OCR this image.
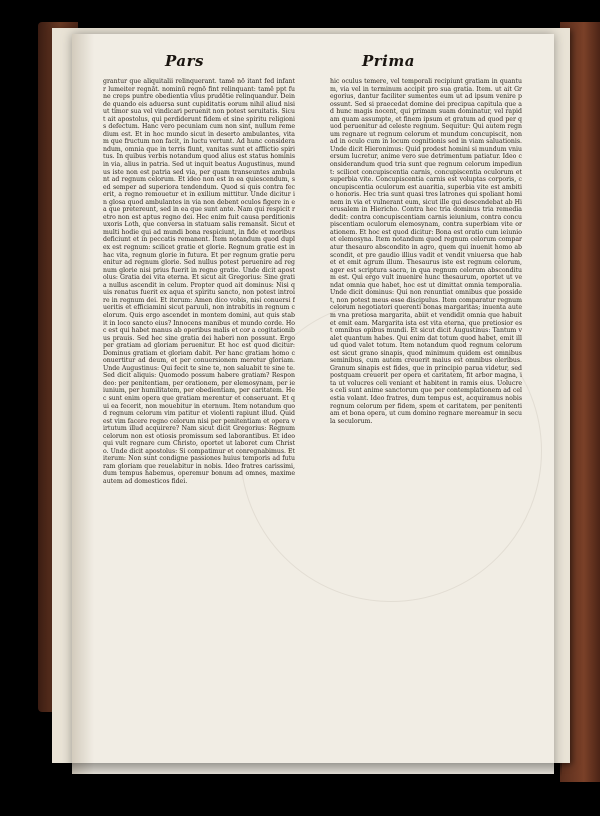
Pars	Prima

grantur que aliquitalii relinquerant. tamē nō itant fed infant r lumeiter regnāt. nominū regnō fint relinquant: tamē ppt fune creps puntre obedientia vlius prudētie relinquandur. Deinde quando eis aduersa sunt cupiditatis eorum nihil aliud nisi ut timor sua vel vindicari peruenit non potest seruitatis. Sicut ait apostolus, qui perdiderunt fidem et sine spiritu religionis defectum. Hanc vero pecuniam cum non sint, nullum remedium est. Et in hoc mundo sicut in deserto ambulantes, vitam que fructum non facit, in luctu vertunt. Ad hunc considerandum, omnia que in terris fiunt, vanitas sunt et afflictio spiritus. In quibus verbis notandum quod alius est status hominis in via, alius in patria. Sed ut inquit beatus Augustinus, mundus iste non est patria sed via, per quam transeuntes ambulant ad regnum celorum. Et ideo non est in ea quiescendum, sed semper ad superiora tendendum. Quod si quis contra fecerit, a regno remouetur et in exilium mittitur. Unde dicitur in glosa quod ambulantes in via non debent oculos figere in ea que pretereunt, sed in ea que sunt ante. Nam qui respicit retro non est aptus regno dei. Hec enim fuit causa perditionis uxoris Loth, que conversa in statuam salis remansit. Sicut et multi hodie qui ad mundi bona respiciunt, in fide et moribus deficiunt et in peccatis remanent. Item notandum quod duplex est regnum: scilicet gratie et glorie. Regnum gratie est in hac vita, regnum glorie in futura. Et per regnum gratie peruenitur ad regnum glorie. Sed nullus potest peruenire ad regnum glorie nisi prius fuerit in regno gratie. Unde dicit apostolus: Gratia dei vita eterna. Et sicut ait Gregorius: Sine gratia nullus ascendit in celum. Propter quod ait dominus: Nisi quis renatus fuerit ex aqua et spiritu sancto, non potest introire in regnum dei. Et iterum: Amen dico vobis, nisi conuersi fueritis et efficiamini sicut paruuli, non intrabitis in regnum celorum. Quis ergo ascendet in montem domini, aut quis stabit in loco sancto eius? Innocens manibus et mundo corde. Hoc est qui habet manus ab operibus malis et cor a cogitationibus prauis. Sed hec sine gratia dei haberi non possunt. Ergo per gratiam ad gloriam peruenitur. Et hoc est quod dicitur: Dominus gratiam et gloriam dabit. Per hanc gratiam homo conuertitur ad deum, et per conuersionem meretur gloriam. Unde Augustinus: Qui fecit te sine te, non saluabit te sine te. Sed dicit aliquis: Quomodo possum habere gratiam? Respondeo: per penitentiam, per orationem, per elemosynam, per ieiunium, per humilitatem, per obedientiam, per caritatem. Hec sunt enim opera que gratiam merentur et conseruant. Et qui ea fecerit, non mouebitur in eternum. Item notandum quod regnum celorum vim patitur et violenti rapiunt illud. Quid est vim facere regno celorum nisi per penitentiam et opera virtutum illud acquirere? Nam sicut dicit Gregorius: Regnum celorum non est otiosis promissum sed laborantibus. Et ideo qui vult regnare cum Christo, oportet ut laboret cum Christo. Unde dicit apostolus: Si compatimur et conregnabimus. Et iterum: Non sunt condigne passiones huius temporis ad futuram gloriam que reuelabitur in nobis. Ideo fratres carissimi, dum tempus habemus, operemur bonum ad omnes, maxime autem ad domesticos fidei.

hic oculus temere, vel temporali recipiunt gratiam in quantum, via vel in terminum accipit pro sua gratia. Item. ut ait Gregorius, dantur faciliter sumentes eum ut ad ipsum venire possunt. Sed si praecedat domine dei precipua capitula que ad hunc magis nocent, qui primam suam dominatur, vel rapidam quam assumpte, et finem ipsum et gratum ad quod per quod peruenitur ad celeste regnum. Sequitur: Qui autem regnum regnare ut regnum celorum et mundum concupiscit, non ad in oculo cum in locum cognitionis sed in viam saluationis. Unde dicit Hieronimus: Quid prodest homini si mundum vniuersum lucretur, anime vero sue detrimentum patiatur. Ideo considerandum quod tria sunt que regnum celorum impediunt: scilicet concupiscentia carnis, concupiscentia oculorum et superbia vite. Concupiscentia carnis est voluptas corporis, concupiscentia oculorum est auaritia, superbia vite est ambitio honoris. Hec tria sunt quasi tres latrones qui spoliant hominem in via et vulnerant eum, sicut ille qui descendebat ab Hierusalem in Hiericho. Contra hec tria dominus tria remedia dedit: contra concupiscentiam carnis ieiunium, contra concupiscentiam oculorum elemosynam, contra superbiam vite orationem. Et hoc est quod dicitur: Bona est oratio cum ieiunio et elemosyna. Item notandum quod regnum celorum comparatur thesauro abscondito in agro, quem qui inuenit homo abscondit, et pre gaudio illius vadit et vendit vniuersa que habet et emit agrum illum. Thesaurus iste est regnum celorum, ager est scriptura sacra, in qua regnum celorum absconditum est. Qui ergo vult inuenire hunc thesaurum, oportet ut vendat omnia que habet, hoc est ut dimittat omnia temporalia. Unde dicit dominus: Qui non renuntiat omnibus que possidet, non potest meus esse discipulus. Item comparatur regnum celorum negotiatori querenti bonas margaritas; inuenta autem vna pretiosa margarita, abiit et vendidit omnia que habuit et emit eam. Margarita ista est vita eterna, que pretiosior est omnibus opibus mundi. Et sicut dicit Augustinus: Tantum valet quantum habes. Qui enim dat totum quod habet, emit illud quod valet totum. Item notandum quod regnum celorum est sicut grano sinapis, quod minimum quidem est omnibus seminibus, cum autem creuerit maius est omnibus oleribus. Granum sinapis est fides, que in principio parua videtur, sed postquam creuerit per opera et caritatem, fit arbor magna, ita ut volucres celi veniant et habitent in ramis eius. Uolucres celi sunt anime sanctorum que per contemplationem ad celestia volant. Ideo fratres, dum tempus est, acquiramus nobis regnum celorum per fidem, spem et caritatem, per penitentiam et bona opera, ut cum domino regnare mereamur in secula seculorum.
